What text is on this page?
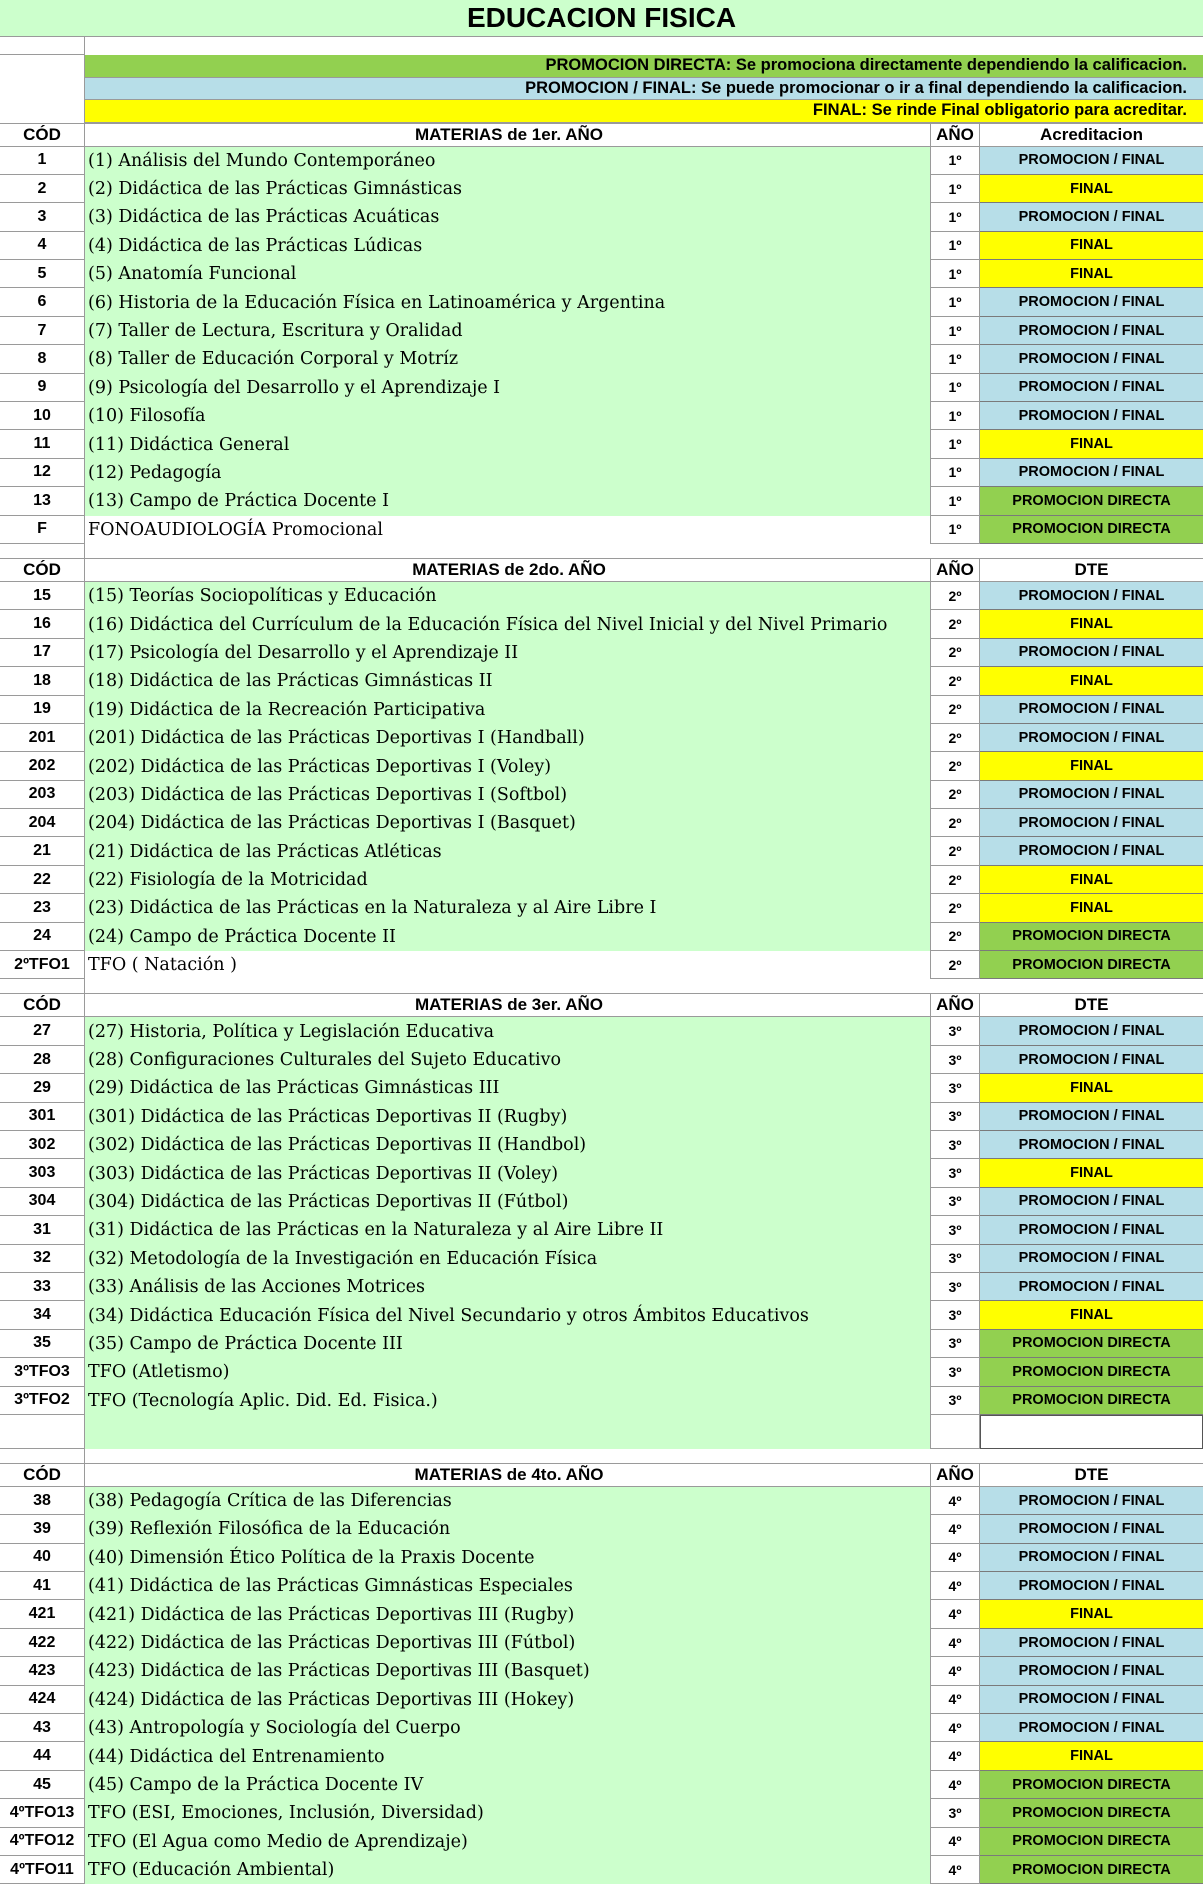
EDUCACION FISICA
PROMOCION DIRECTA: Se promociona directamente dependiendo la calificacion.
PROMOCION / FINAL: Se puede promocionar o ir a final dependiendo la calificacion.
FINAL: Se rinde Final obligatorio para acreditar.
CÓD	MATERIAS de 1er. AÑO	AÑO	Acreditacion
1	(1) Análisis del Mundo Contemporáneo	1º	PROMOCION / FINAL
2	(2) Didáctica de las Prácticas Gimnásticas	1º	FINAL
3	(3) Didáctica de las Prácticas Acuáticas	1º	PROMOCION / FINAL
4	(4) Didáctica de las Prácticas Lúdicas	1º	FINAL
5	(5) Anatomía Funcional	1º	FINAL
6	(6) Historia de la Educación Física en Latinoamérica y Argentina	1º	PROMOCION / FINAL
7	(7) Taller de Lectura, Escritura y Oralidad	1º	PROMOCION / FINAL
8	(8) Taller de Educación Corporal y Motríz	1º	PROMOCION / FINAL
9	(9) Psicología del Desarrollo y el Aprendizaje I	1º	PROMOCION / FINAL
10	(10) Filosofía	1º	PROMOCION / FINAL
11	(11) Didáctica General	1º	FINAL
12	(12) Pedagogía	1º	PROMOCION / FINAL
13	(13) Campo de Práctica Docente I	1º	PROMOCION DIRECTA
F	FONOAUDIOLOGÍA Promocional	1º	PROMOCION DIRECTA
CÓD	MATERIAS de 2do. AÑO	AÑO	DTE
15	(15) Teorías Sociopolíticas y Educación	2º	PROMOCION / FINAL
16	(16) Didáctica del Currículum de la Educación Física del Nivel Inicial y del Nivel Primario	2º	FINAL
17	(17) Psicología del Desarrollo y el Aprendizaje II	2º	PROMOCION / FINAL
18	(18) Didáctica de las Prácticas Gimnásticas II	2º	FINAL
19	(19) Didáctica de la Recreación Participativa	2º	PROMOCION / FINAL
201	(201) Didáctica de las Prácticas Deportivas I (Handball)	2º	PROMOCION / FINAL
202	(202) Didáctica de las Prácticas Deportivas I (Voley)	2º	FINAL
203	(203) Didáctica de las Prácticas Deportivas I (Softbol)	2º	PROMOCION / FINAL
204	(204) Didáctica de las Prácticas Deportivas I (Basquet)	2º	PROMOCION / FINAL
21	(21) Didáctica de las Prácticas Atléticas	2º	PROMOCION / FINAL
22	(22) Fisiología de la Motricidad	2º	FINAL
23	(23) Didáctica de las Prácticas en la Naturaleza y al Aire Libre I	2º	FINAL
24	(24) Campo de Práctica Docente II	2º	PROMOCION DIRECTA
2ºTFO1	TFO ( Natación )	2º	PROMOCION DIRECTA
CÓD	MATERIAS de 3er. AÑO	AÑO	DTE
27	(27) Historia, Política y Legislación Educativa	3º	PROMOCION / FINAL
28	(28) Configuraciones Culturales del Sujeto Educativo	3º	PROMOCION / FINAL
29	(29) Didáctica de las Prácticas Gimnásticas III	3º	FINAL
301	(301) Didáctica de las Prácticas Deportivas II (Rugby)	3º	PROMOCION / FINAL
302	(302) Didáctica de las Prácticas Deportivas II (Handbol)	3º	PROMOCION / FINAL
303	(303) Didáctica de las Prácticas Deportivas II (Voley)	3º	FINAL
304	(304) Didáctica de las Prácticas Deportivas II (Fútbol)	3º	PROMOCION / FINAL
31	(31) Didáctica de las Prácticas en la Naturaleza y al Aire Libre II	3º	PROMOCION / FINAL
32	(32) Metodología de la Investigación en Educación Física	3º	PROMOCION / FINAL
33	(33) Análisis de las Acciones Motrices	3º	PROMOCION / FINAL
34	(34) Didáctica Educación Física del Nivel Secundario y otros Ámbitos Educativos	3º	FINAL
35	(35) Campo de Práctica Docente III	3º	PROMOCION DIRECTA
3ºTFO3	TFO (Atletismo)	3º	PROMOCION DIRECTA
3ºTFO2	TFO (Tecnología Aplic. Did. Ed. Fisica.)	3º	PROMOCION DIRECTA
CÓD	MATERIAS de 4to. AÑO	AÑO	DTE
38	(38) Pedagogía Crítica de las Diferencias	4º	PROMOCION / FINAL
39	(39) Reflexión Filosófica de la Educación	4º	PROMOCION / FINAL
40	(40) Dimensión Ético Política de la Praxis Docente	4º	PROMOCION / FINAL
41	(41) Didáctica de las Prácticas Gimnásticas Especiales	4º	PROMOCION / FINAL
421	(421) Didáctica de las Prácticas Deportivas III (Rugby)	4º	FINAL
422	(422) Didáctica de las Prácticas Deportivas III (Fútbol)	4º	PROMOCION / FINAL
423	(423) Didáctica de las Prácticas Deportivas III (Basquet)	4º	PROMOCION / FINAL
424	(424) Didáctica de las Prácticas Deportivas III (Hokey)	4º	PROMOCION / FINAL
43	(43) Antropología y Sociología del Cuerpo	4º	PROMOCION / FINAL
44	(44) Didáctica del Entrenamiento	4º	FINAL
45	(45) Campo de la Práctica Docente IV	4º	PROMOCION DIRECTA
4ºTFO13 TFO (ESI, Emociones, Inclusión, Diversidad)	3º	PROMOCION DIRECTA
4ºTFO12 TFO (El Agua como Medio de Aprendizaje)	4º	PROMOCION DIRECTA
4ºTFO11 TFO (Educación Ambiental)	4º	PROMOCION DIRECTA
